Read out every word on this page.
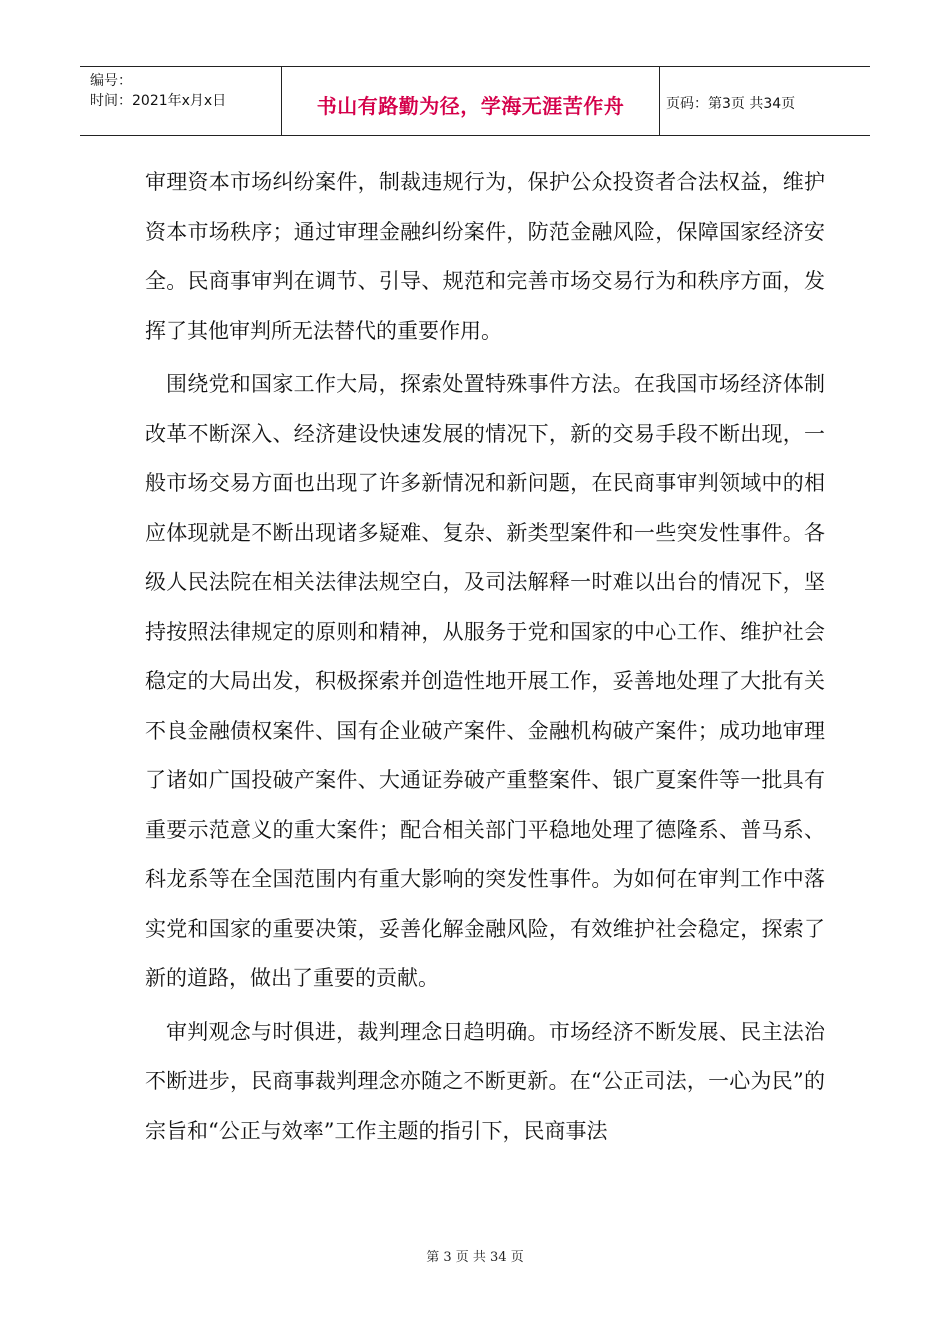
编号：
时间：2021年x月x日	书山有路勤为径，学海无涯苦作舟	页码：第3页 共34页

审理资本市场纠纷案件，制裁违规行为，保护公众投资者合法权益，维护资本市场秩序；通过审理金融纠纷案件，防范金融风险，保障国家经济安全。民商事审判在调节、引导、规范和完善市场交易行为和秩序方面，发挥了其他审判所无法替代的重要作用。

围绕党和国家工作大局，探索处置特殊事件方法。在我国市场经济体制改革不断深入、经济建设快速发展的情况下，新的交易手段不断出现，一般市场交易方面也出现了许多新情况和新问题，在民商事审判领域中的相应体现就是不断出现诸多疑难、复杂、新类型案件和一些突发性事件。各级人民法院在相关法律法规空白，及司法解释一时难以出台的情况下，坚持按照法律规定的原则和精神，从服务于党和国家的中心工作、维护社会稳定的大局出发，积极探索并创造性地开展工作，妥善地处理了大批有关不良金融债权案件、国有企业破产案件、金融机构破产案件；成功地审理了诸如广国投破产案件、大通证券破产重整案件、银广夏案件等一批具有重要示范意义的重大案件；配合相关部门平稳地处理了德隆系、普马系、科龙系等在全国范围内有重大影响的突发性事件。为如何在审判工作中落实党和国家的重要决策，妥善化解金融风险，有效维护社会稳定，探索了新的道路，做出了重要的贡献。

审判观念与时俱进，裁判理念日趋明确。市场经济不断发展、民主法治不断进步，民商事裁判理念亦随之不断更新。在“公正司法，一心为民”的宗旨和“公正与效率”工作主题的指引下，民商事法

第 3 页 共 34 页
